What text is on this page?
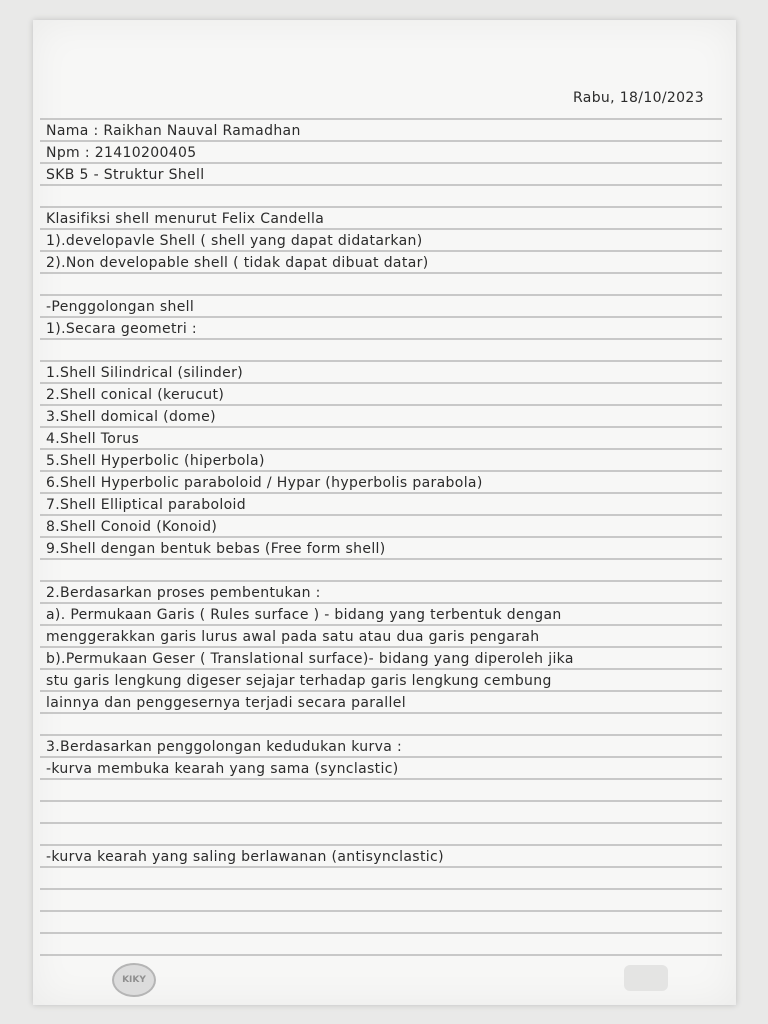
Rabu, 18/10/2023
Nama : Raikhan Nauval Ramadhan
Npm : 21410200405
SKB 5 - Struktur Shell
Klasifiksi shell menurut Felix Candella
1).developavle Shell ( shell yang dapat didatarkan)
2).Non developable shell ( tidak dapat dibuat datar)
-Penggolongan shell
1).Secara geometri :
1.Shell Silindrical (silinder)
2.Shell conical (kerucut)
3.Shell domical (dome)
4.Shell Torus
5.Shell Hyperbolic (hiperbola)
6.Shell Hyperbolic paraboloid / Hypar (hyperbolis parabola)
7.Shell Elliptical paraboloid
8.Shell Conoid (Konoid)
9.Shell dengan bentuk bebas (Free form shell)
2.Berdasarkan proses pembentukan :
a). Permukaan Garis ( Rules surface ) - bidang yang terbentuk dengan
menggerakkan garis lurus awal pada satu atau dua garis pengarah
b).Permukaan Geser ( Translational surface)- bidang yang diperoleh jika
stu garis lengkung digeser sejajar terhadap garis lengkung cembung
lainnya dan penggesernya terjadi secara parallel
3.Berdasarkan penggolongan kedudukan kurva :
-kurva membuka kearah yang sama (synclastic)
-kurva kearah yang saling berlawanan (antisynclastic)
KIKY
